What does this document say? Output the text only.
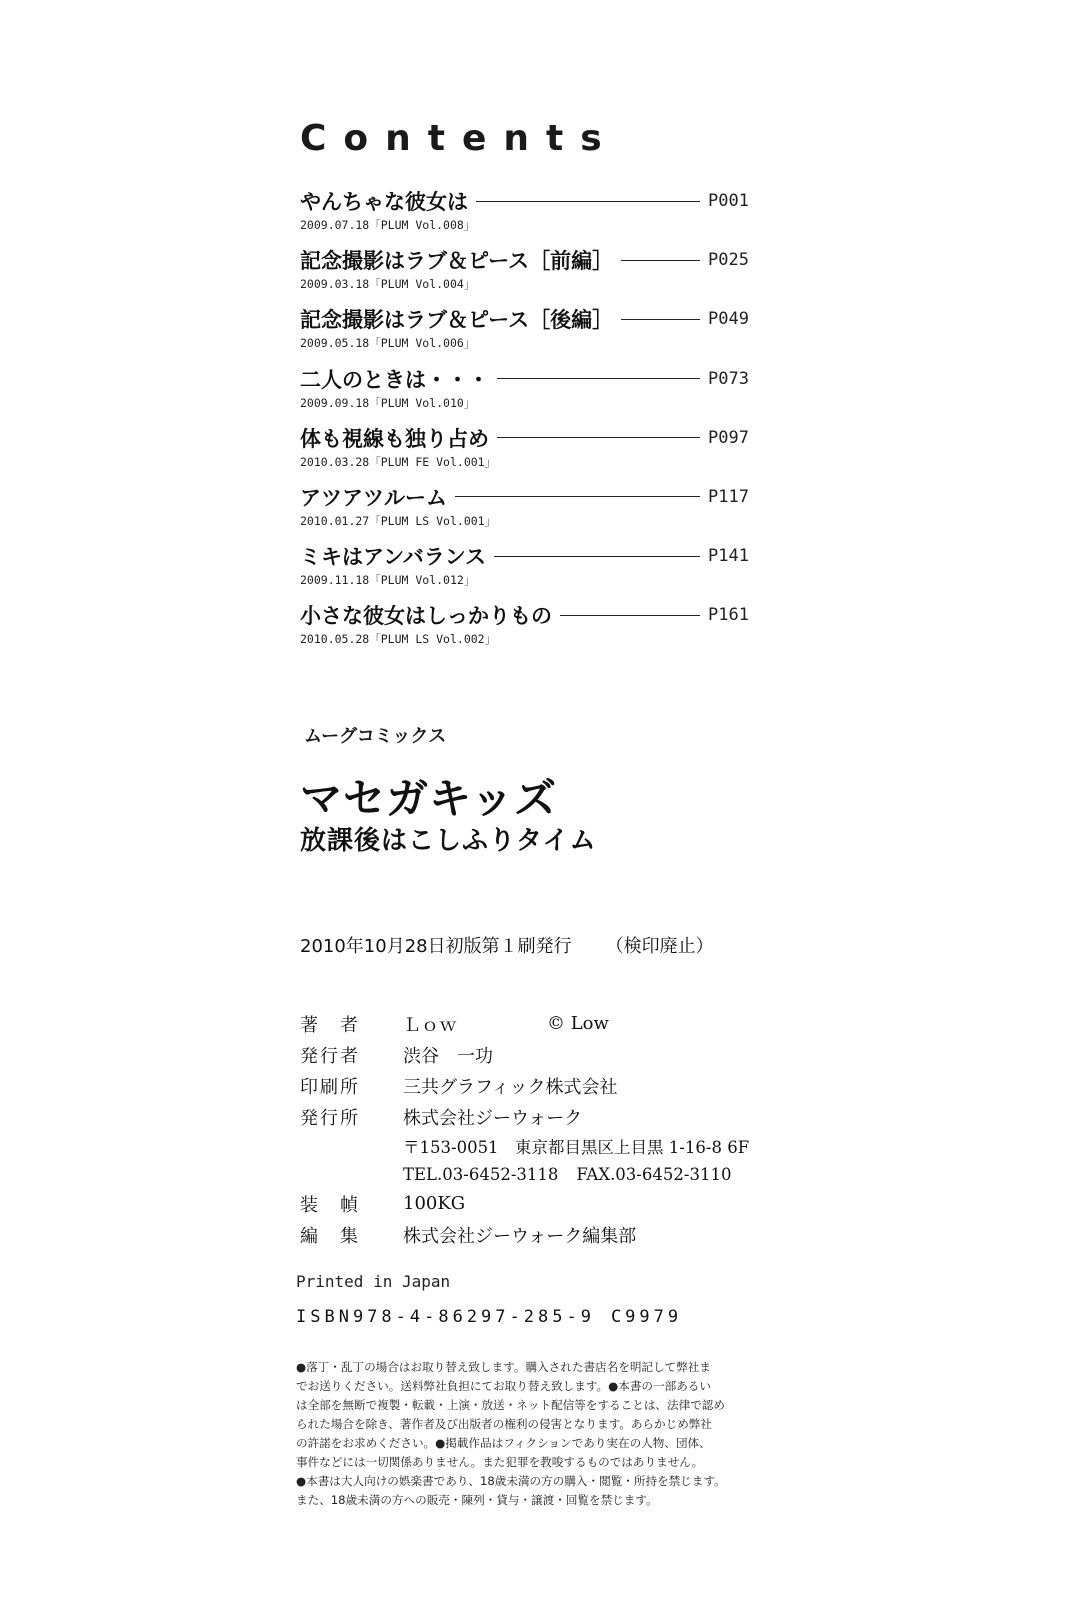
Contents
やんちゃな彼女は	P001
2009.07.18「PLUM Vol.008」
記念撮影はラブ＆ピース［前編］	P025
2009.03.18「PLUM Vol.004」
記念撮影はラブ＆ピース［後編］	P049
2009.05.18「PLUM Vol.006」
二人のときは・・・	P073
2009.09.18「PLUM Vol.010」
体も視線も独り占め	P097
2010.03.28「PLUM FE Vol.001」
アツアツルーム	P117
2010.01.27「PLUM LS Vol.001」
ミキはアンバランス	P141
2009.11.18「PLUM Vol.012」
小さな彼女はしっかりもの	P161
2010.05.28「PLUM LS Vol.002」
ムーグコミックス
マセガキッズ
放課後はこしふりタイム
2010年10月28日初版第１刷発行 （検印廃止）
著　者	Ｌｏｗ	© Low
発行者	渋谷　一功
印刷所	三共グラフィック株式会社
発行所	株式会社ジーウォーク
〒153-0051　東京都目黒区上目黒 1-16-8 6F
TEL.03-6452-3118 FAX.03-6452-3110
装　幀	100KG
編　集	株式会社ジーウォーク編集部
Printed in Japan
ISBN978-4-86297-285-9 C9979
●落丁・乱丁の場合はお取り替え致します。購入された書店名を明記して弊社ま
でお送りください。送料弊社負担にてお取り替え致します。●本書の一部あるい
は全部を無断で複製・転載・上演・放送・ネット配信等をすることは、法律で認め
られた場合を除き、著作者及び出版者の権利の侵害となります。あらかじめ弊社
の許諾をお求めください。●掲載作品はフィクションであり実在の人物、団体、
事件などには一切関係ありません。また犯罪を教唆するものではありません。
●本書は大人向けの娯楽書であり、18歳未満の方の購入・閲覧・所持を禁じます。
また、18歳未満の方への販売・陳列・貸与・譲渡・回覧を禁じます。
